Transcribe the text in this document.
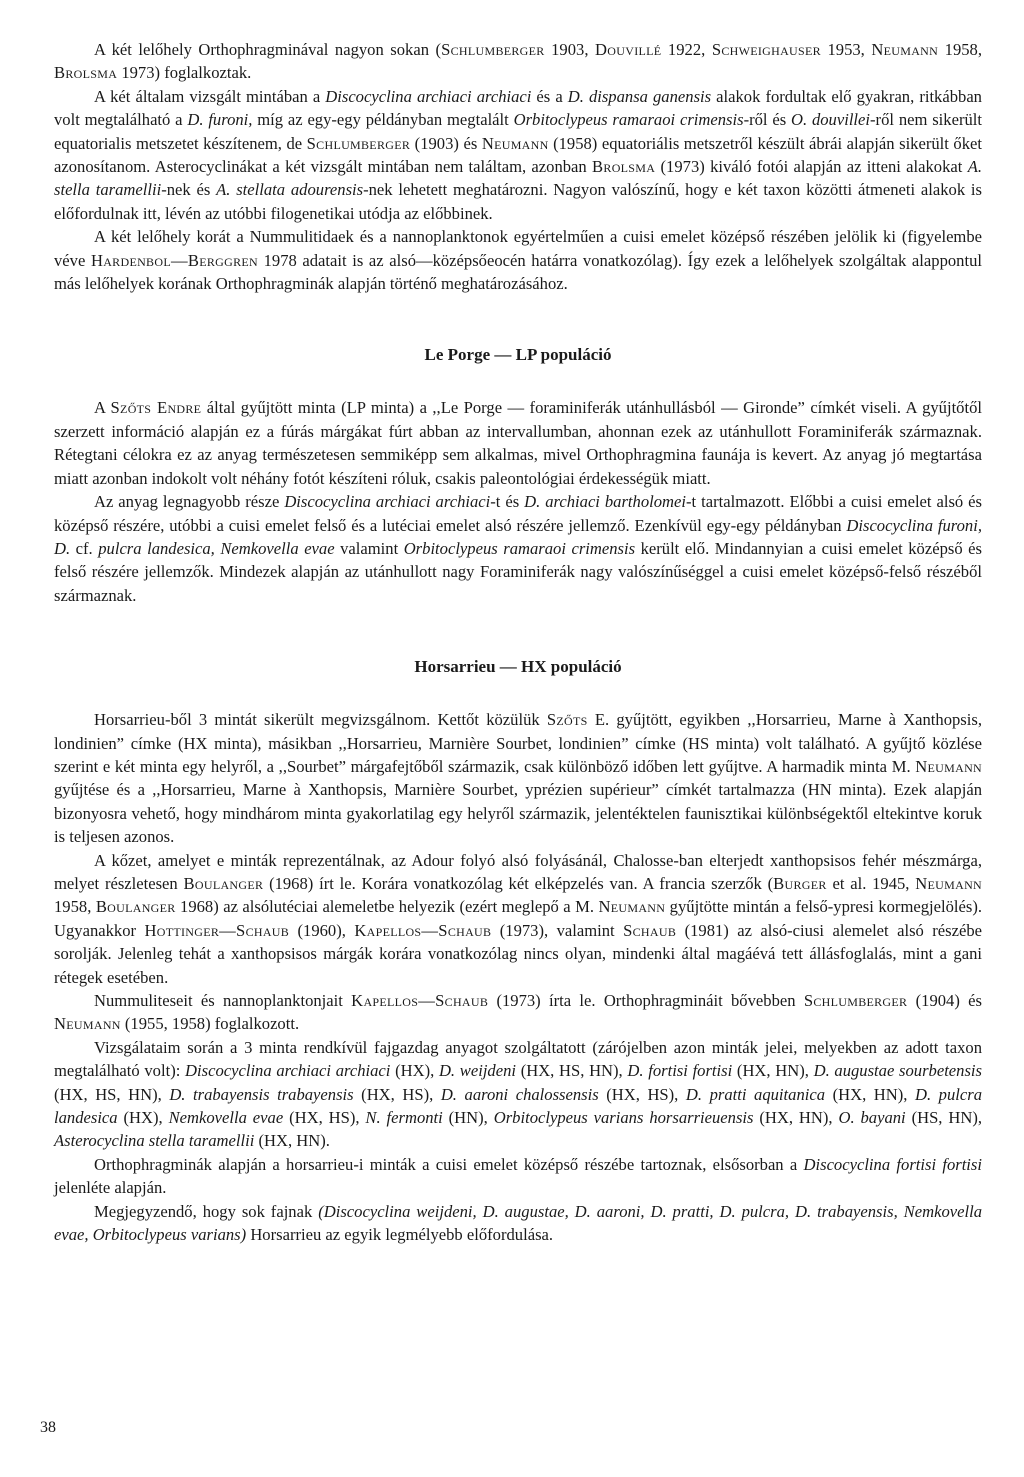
A két lelőhely Orthophragminával nagyon sokan (Schlumberger 1903, Douvillé 1922, Schweighauser 1953, Neumann 1958, Brolsma 1973) foglalkoztak.

A két általam vizsgált mintában a Discocyclina archiaci archiaci és a D. dispansa ganensis alakok fordultak elő gyakran, ritkábban volt megtalálható a D. furoni, míg az egy-egy példányban megtalált Orbitoclypeus ramaraoi crimensis-ről és O. douvillei-ről nem sikerült equatorialis metszetet készítenem, de Schlumberger (1903) és Neumann (1958) equatoriális metszetről készült ábrái alapján sikerült őket azonosítanom. Asterocyclinákat a két vizsgált mintában nem találtam, azonban Brolsma (1973) kiváló fotói alapján az itteni alakokat A. stella taramellii-nek és A. stellata adourensis-nek lehetett meghatározni. Nagyon valószínű, hogy e két taxon közötti átmeneti alakok is előfordulnak itt, lévén az utóbbi filogenetikai utódja az előbbinek.

A két lelőhely korát a Nummulitidaek és a nannoplanktonok egyértelműen a cuisi emelet középső részében jelölik ki (figyelembe véve Hardenbol—Berggren 1978 adatait is az alsó—középsőeocén határra vonatkozólag). Így ezek a lelőhelyek szolgáltak alappontul más lelőhelyek korának Orthophragminák alapján történő meghatározásához.

Le Porge — LP populáció

A Szőts Endre által gyűjtött minta (LP minta) a ,,Le Porge — foraminiferák utánhullásból — Gironde” címkét viseli. A gyűjtőtől szerzett információ alapján ez a fúrás márgákat fúrt abban az intervallumban, ahonnan ezek az utánhullott Foraminiferák származnak. Rétegtani célokra ez az anyag természetesen semmiképp sem alkalmas, mivel Orthophragmina faunája is kevert. Az anyag jó megtartása miatt azonban indokolt volt néhány fotót készíteni róluk, csakis paleontológiai érdekességük miatt.

Az anyag legnagyobb része Discocyclina archiaci archiaci-t és D. archiaci bartholomei-t tartalmazott. Előbbi a cuisi emelet alsó és középső részére, utóbbi a cuisi emelet felső és a lutéciai emelet alsó részére jellemző. Ezenkívül egy-egy példányban Discocyclina furoni, D. cf. pulcra landesica, Nemkovella evae valamint Orbitoclypeus ramaraoi crimensis került elő. Mindannyian a cuisi emelet középső és felső részére jellemzők. Mindezek alapján az utánhullott nagy Foraminiferák nagy valószínűséggel a cuisi emelet középső-felső részéből származnak.

Horsarrieu — HX populáció

Horsarrieu-ből 3 mintát sikerült megvizsgálnom. Kettőt közülük Szőts E. gyűjtött, egyikben ,,Horsarrieu, Marne à Xanthopsis, londinien” címke (HX minta), másikban ,,Horsarrieu, Marnière Sourbet, londinien” címke (HS minta) volt található. A gyűjtő közlése szerint e két minta egy helyről, a ,,Sourbet” márgafejtőből származik, csak különböző időben lett gyűjtve. A harmadik minta M. Neumann gyűjtése és a ,,Horsarrieu, Marne à Xanthopsis, Marnière Sourbet, yprézien supérieur” címkét tartalmazza (HN minta). Ezek alapján bizonyosra vehető, hogy mindhárom minta gyakorlatilag egy helyről származik, jelentéktelen faunisztikai különbségektől eltekintve koruk is teljesen azonos.

A kőzet, amelyet e minták reprezentálnak, az Adour folyó alsó folyásánál, Chalosse-ban elterjedt xanthopsisos fehér mészmárga, melyet részletesen Boulanger (1968) írt le. Korára vonatkozólag két elképzelés van. A francia szerzők (Burger et al. 1945, Neumann 1958, Boulanger 1968) az alsólutéciai alemeletbe helyezik (ezért meglepő a M. Neumann gyűjtötte mintán a felső-ypresi kormegjelölés). Ugyanakkor Hottinger—Schaub (1960), Kapellos—Schaub (1973), valamint Schaub (1981) az alsó-ciusi alemelet alsó részébe sorolják. Jelenleg tehát a xanthopsisos márgák korára vonatkozólag nincs olyan, mindenki által magáévá tett állásfoglalás, mint a gani rétegek esetében.

Nummuliteseit és nannoplanktonjait Kapellos—Schaub (1973) írta le. Orthophragmináit bővebben Schlumberger (1904) és Neumann (1955, 1958) foglalkozott.

Vizsgálataim során a 3 minta rendkívül fajgazdag anyagot szolgáltatott (zárójelben azon minták jelei, melyekben az adott taxon megtalálható volt): Discocyclina archiaci archiaci (HX), D. weijdeni (HX, HS, HN), D. fortisi fortisi (HX, HN), D. augustae sourbetensis (HX, HS, HN), D. trabayensis trabayensis (HX, HS), D. aaroni chalossensis (HX, HS), D. pratti aquitanica (HX, HN), D. pulcra landesica (HX), Nemkovella evae (HX, HS), N. fermonti (HN), Orbitoclypeus varians horsarrieuensis (HX, HN), O. bayani (HS, HN), Asterocyclina stella taramellii (HX, HN).

Orthophragminák alapján a horsarrieu-i minták a cuisi emelet középső részébe tartoznak, elsősorban a Discocyclina fortisi fortisi jelenléte alapján.

Megjegyzendő, hogy sok fajnak (Discocyclina weijdeni, D. augustae, D. aaroni, D. pratti, D. pulcra, D. trabayensis, Nemkovella evae, Orbitoclypeus varians) Horsarrieu az egyik legmélyebb előfordulása.

38
